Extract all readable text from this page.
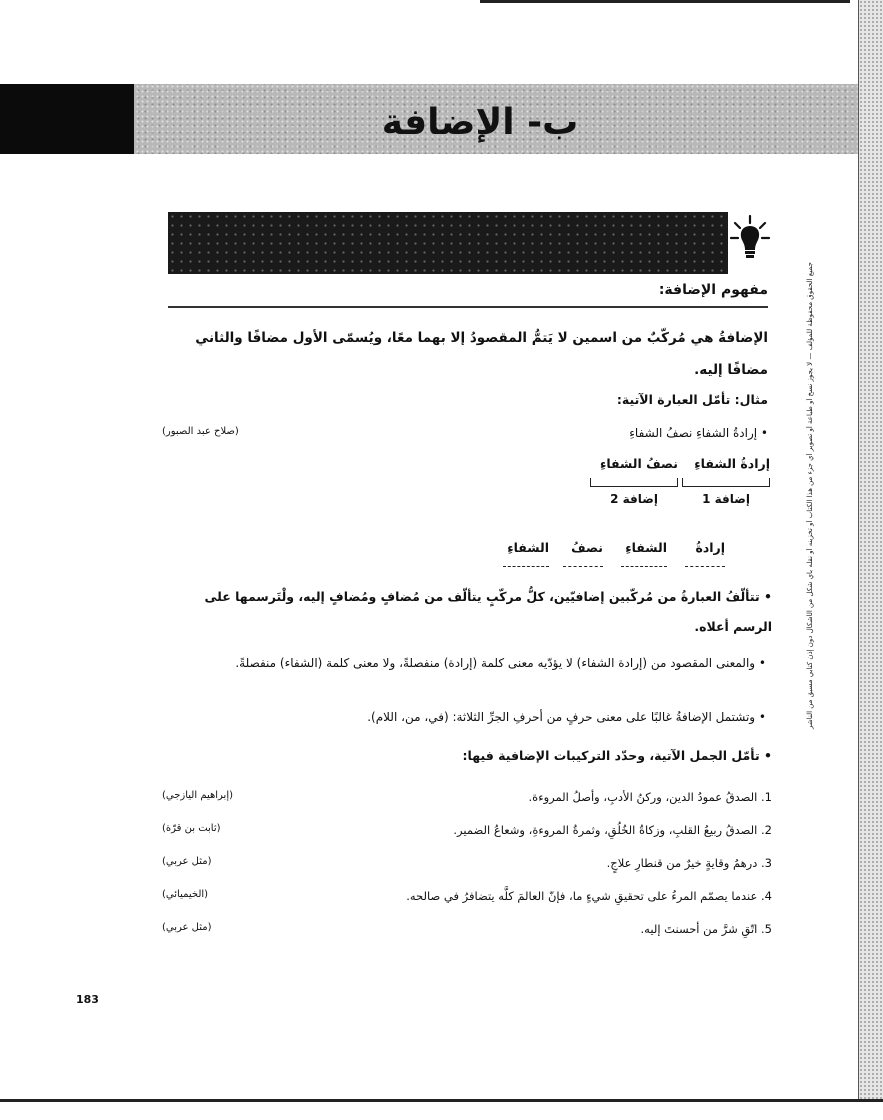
جميع الحقوق محفوظة للمؤلف — لا يجوز نسخ أو طباعة أو تصوير أي جزء من هذا الكتاب أو تخزينه أو نقله بأي شكل من الأشكال دون إذن كتابي مسبق من الناشر
ب- الإضافة
مفهوم الإضافة:
الإضافةُ هي مُركّبٌ من اسمين لا يَتمُّ المقصودُ إلا بهما معًا، ويُسمّى الأول مضافًا والثاني
مضافًا إليه.
مثال: تأمّل العبارة الآتية:
• إرادةُ الشفاءِ نصفُ الشفاءِ
(صلاح عبد الصبور)
إرادةُ الشفاءِ
نصفُ الشفاءِ
إضافة 1
إضافة 2
إرادةُ
الشفاءِ
نصفُ
الشفاءِ
• تتألّفُ العبارةُ من مُركّبين إضافيّين، كلُّ مركّبٍ يتألّف من مُضافٍ ومُضافٍ إليه، ولْتَرسمها على الرسم أعلاه.
• والمعنى المقصود من (إرادة الشفاء) لا يؤدّيه معنى كلمة (إرادة) منفصلةً، ولا معنى كلمة (الشفاء) منفصلةً.
• وتشتمل الإضافةُ غالبًا على معنى حرفٍ من أحرفِ الجرِّ الثلاثة: (في، من، اللام).
• تأمّل الجمل الآتية، وحدّد التركيبات الإضافية فيها:
1. الصدقُ عمودُ الدين، وركنُ الأدبِ، وأصلُ المروءة.
(إبراهيم اليازجي)
2. الصدقُ ربيعُ القلبِ، وزكاةُ الخُلُقِ، وثمرةُ المروءةِ، وشعاعُ الضمير.
(ثابت بن قرّة)
3. درهمُ وقايةٍ خيرٌ من قنطارِ علاجٍ.
(مثل عربي)
4. عندما يصمّم المرءُ على تحقيقِ شيءٍ ما، فإنّ العالمَ كلَّه يتضافرُ في صالحه.
(الخيميائي)
5. اتّقِ شرَّ من أحسنتَ إليه.
(مثل عربي)
183
